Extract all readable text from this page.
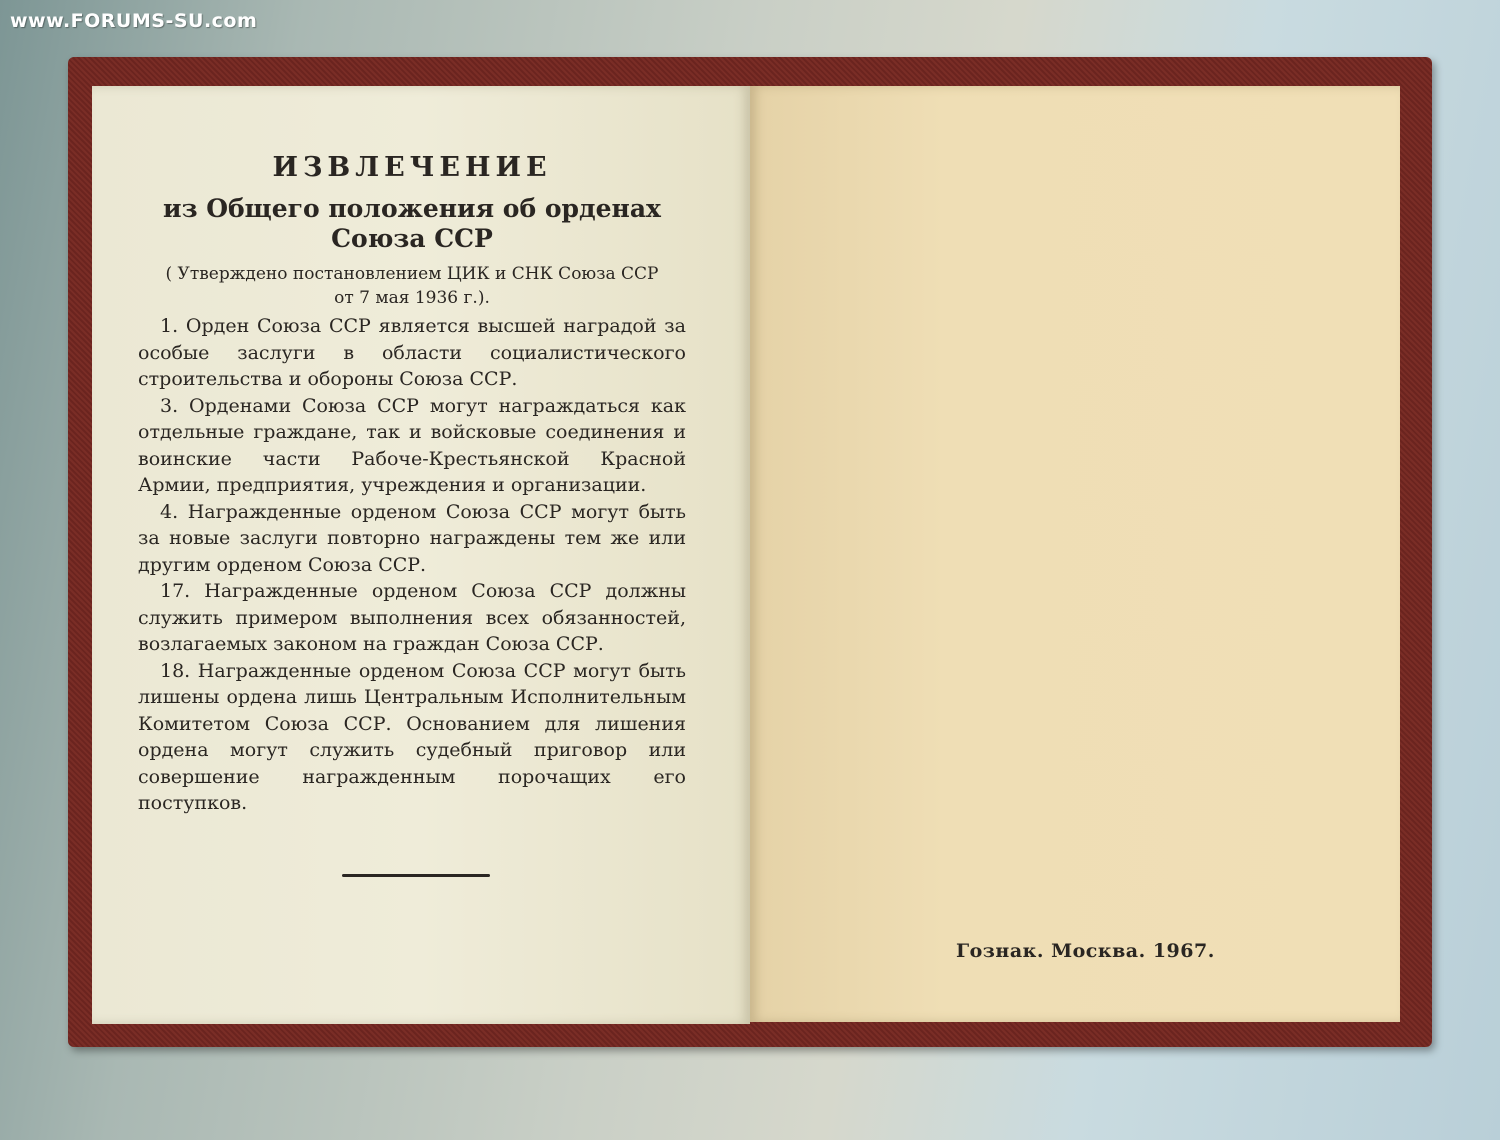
www.FORUMS-SU.com
ИЗВЛЕЧЕНИЕ
из Общего положения об орденах
Союза ССР
( Утверждено постановлением ЦИК и СНК Союза ССР
от 7 мая 1936 г.).

1. Орден Союза ССР является высшей наградой за особые заслуги в области социалистического строительства и обороны Союза ССР.

3. Орденами Союза ССР могут награждаться как отдельные граждане, так и войсковые соединения и воинские части Рабоче-Крестьянской Красной Армии, предприятия, учреждения и организации.

4. Награжденные орденом Союза ССР могут быть за новые заслуги повторно награждены тем же или другим орденом Союза ССР.

17. Награжденные орденом Союза ССР должны служить примером выполнения всех обязанностей, возлагаемых законом на граждан Союза ССР.

18. Награжденные орденом Союза ССР могут быть лишены ордена лишь Центральным Исполнительным Комитетом Союза ССР. Основанием для лишения ордена могут служить судебный приговор или совершение награжденным порочащих его поступков.

Гознак. Москва. 1967.
